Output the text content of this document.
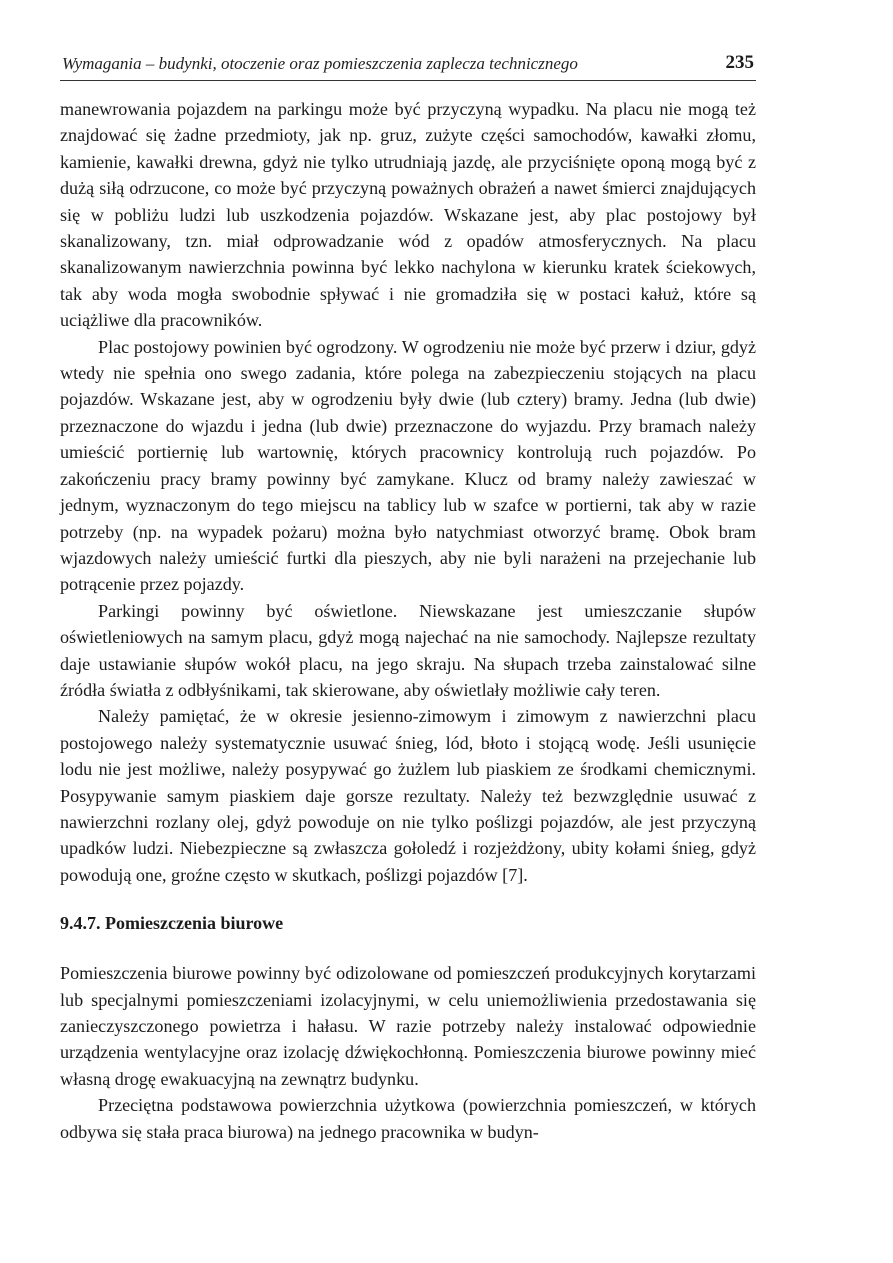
Wymagania – budynki, otoczenie oraz pomieszczenia zaplecza technicznego	235

manewrowania pojazdem na parkingu może być przyczyną wypadku. Na placu nie mogą też znajdować się żadne przedmioty, jak np. gruz, zużyte części samochodów, kawałki złomu, kamienie, kawałki drewna, gdyż nie tylko utrudniają jazdę, ale przyciśnięte oponą mogą być z dużą siłą odrzucone, co może być przyczyną poważnych obrażeń a nawet śmierci znajdujących się w pobliżu ludzi lub uszkodzenia pojazdów. Wskazane jest, aby plac postojowy był skanalizowany, tzn. miał odprowadzanie wód z opadów atmosferycznych. Na placu skanalizowanym nawierzchnia powinna być lekko nachylona w kierunku kratek ściekowych, tak aby woda mogła swobodnie spływać i nie gromadziła się w postaci kałuż, które są uciążliwe dla pracowników.

Plac postojowy powinien być ogrodzony. W ogrodzeniu nie może być przerw i dziur, gdyż wtedy nie spełnia ono swego zadania, które polega na zabezpieczeniu stojących na placu pojazdów. Wskazane jest, aby w ogrodzeniu były dwie (lub cztery) bramy. Jedna (lub dwie) przeznaczone do wjazdu i jedna (lub dwie) przeznaczone do wyjazdu. Przy bramach należy umieścić portiernię lub wartownię, których pracownicy kontrolują ruch pojazdów. Po zakończeniu pracy bramy powinny być zamykane. Klucz od bramy należy zawieszać w jednym, wyznaczonym do tego miejscu na tablicy lub w szafce w portierni, tak aby w razie potrzeby (np. na wypadek pożaru) można było natychmiast otworzyć bramę. Obok bram wjazdowych należy umieścić furtki dla pieszych, aby nie byli narażeni na przejechanie lub potrącenie przez pojazdy.

Parkingi powinny być oświetlone. Niewskazane jest umieszczanie słupów oświetleniowych na samym placu, gdyż mogą najechać na nie samochody. Najlepsze rezultaty daje ustawianie słupów wokół placu, na jego skraju. Na słupach trzeba zainstalować silne źródła światła z odbłyśnikami, tak skierowane, aby oświetlały możliwie cały teren.

Należy pamiętać, że w okresie jesienno-zimowym i zimowym z nawierzchni placu postojowego należy systematycznie usuwać śnieg, lód, błoto i stojącą wodę. Jeśli usunięcie lodu nie jest możliwe, należy posypywać go żużlem lub piaskiem ze środkami chemicznymi. Posypywanie samym piaskiem daje gorsze rezultaty. Należy też bezwzględnie usuwać z nawierzchni rozlany olej, gdyż powoduje on nie tylko poślizgi pojazdów, ale jest przyczyną upadków ludzi. Niebezpieczne są zwłaszcza gołoledź i rozjeżdżony, ubity kołami śnieg, gdyż powodują one, groźne często w skutkach, poślizgi pojazdów [7].

9.4.7. Pomieszczenia biurowe

Pomieszczenia biurowe powinny być odizolowane od pomieszczeń produkcyjnych korytarzami lub specjalnymi pomieszczeniami izolacyjnymi, w celu uniemożliwienia przedostawania się zanieczyszczonego powietrza i hałasu. W razie potrzeby należy instalować odpowiednie urządzenia wentylacyjne oraz izolację dźwiękochłonną. Pomieszczenia biurowe powinny mieć własną drogę ewakuacyjną na zewnątrz budynku.

Przeciętna podstawowa powierzchnia użytkowa (powierzchnia pomieszczeń, w których odbywa się stała praca biurowa) na jednego pracownika w budyn-
